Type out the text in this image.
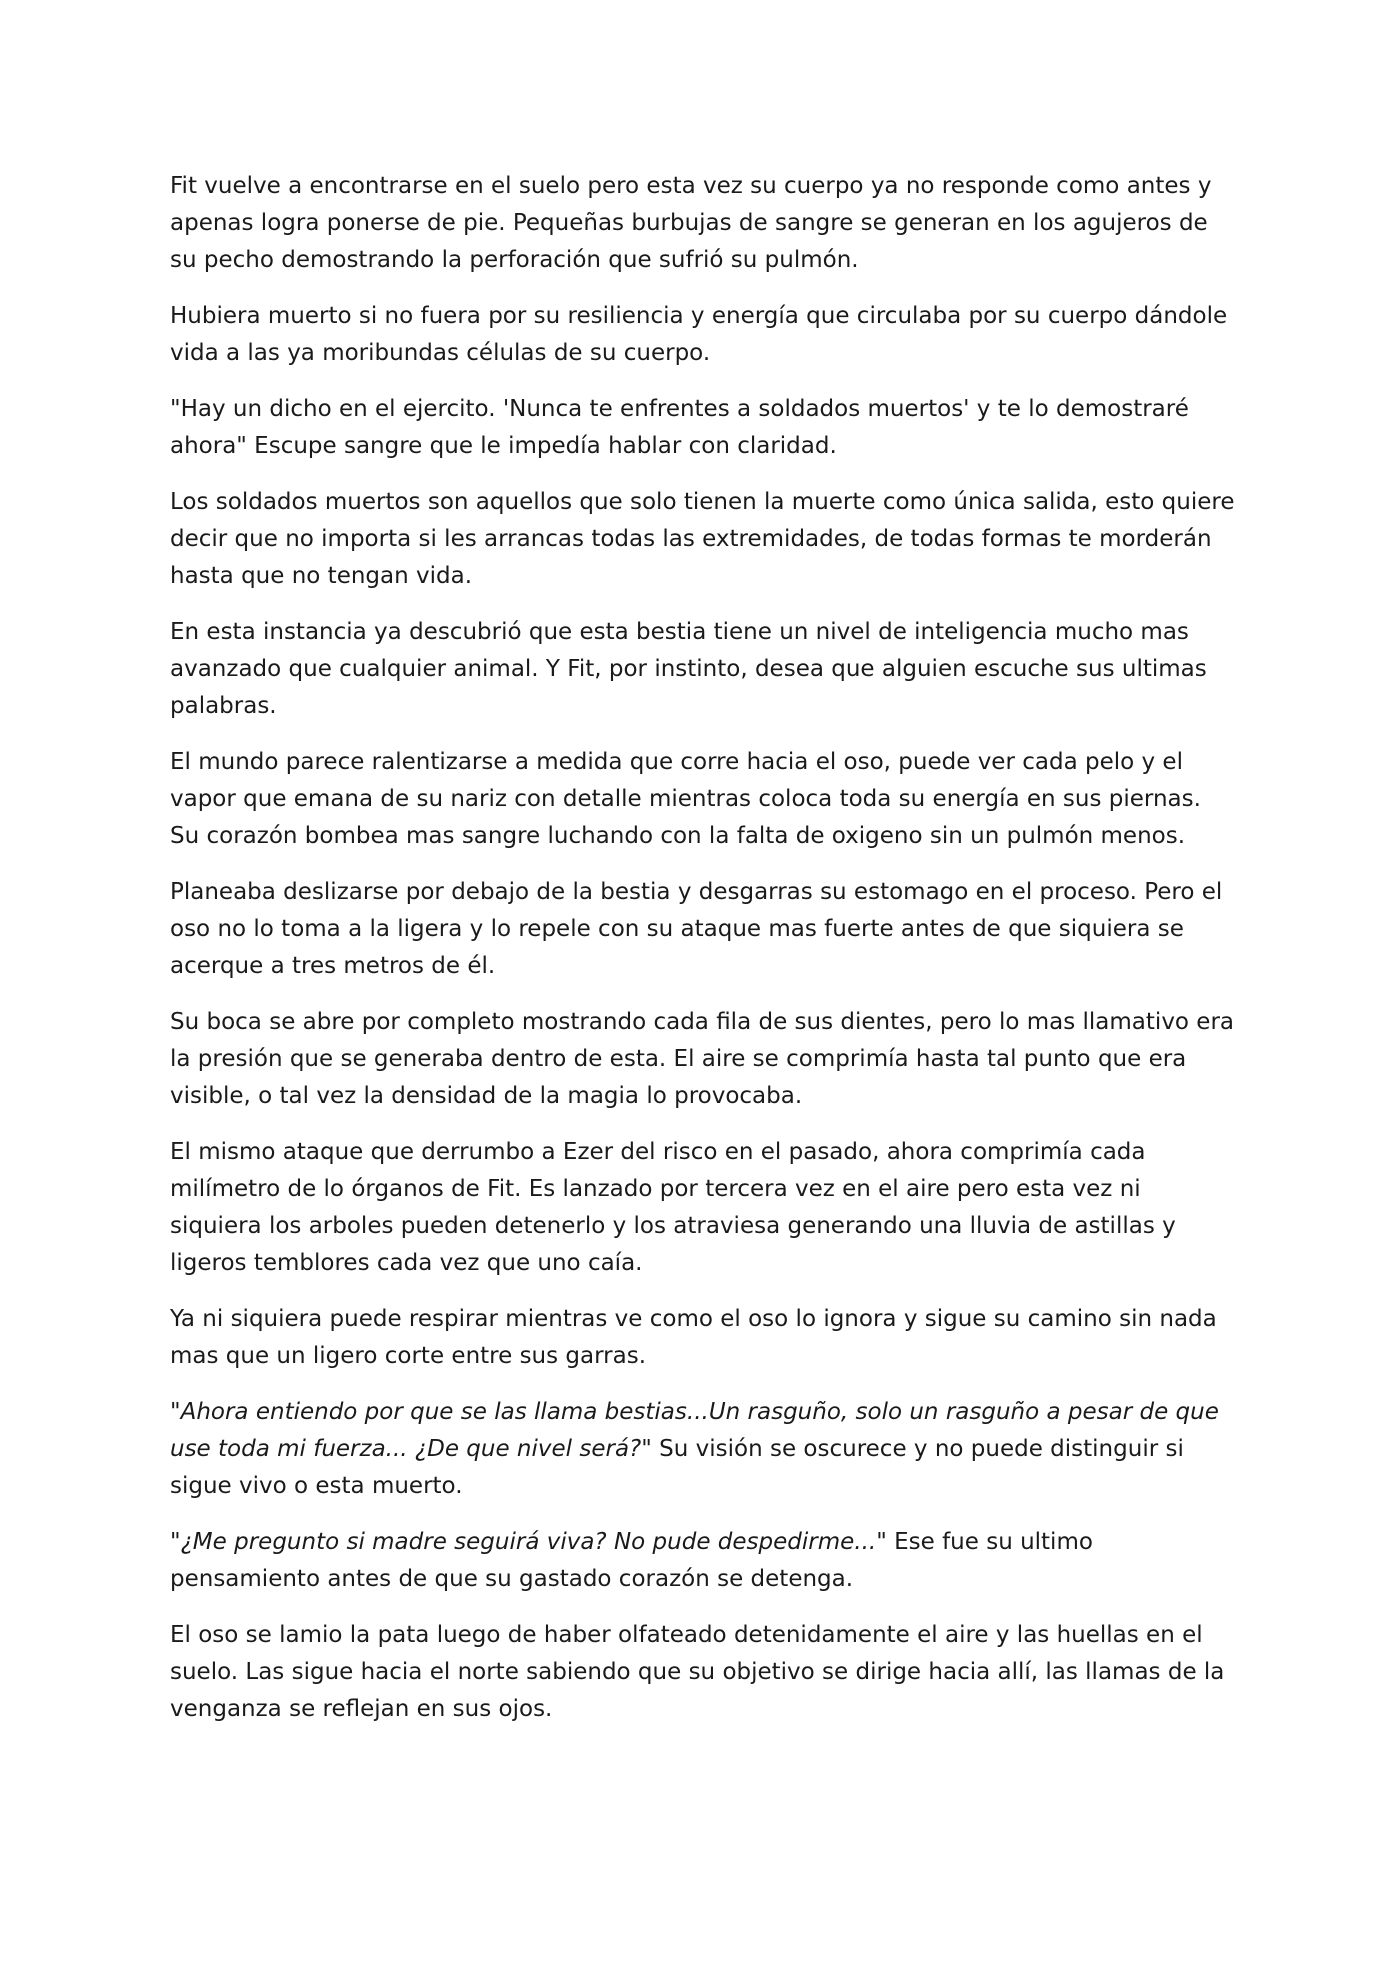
Fit vuelve a encontrarse en el suelo pero esta vez su cuerpo ya no responde como antes y apenas logra ponerse de pie. Pequeñas burbujas de sangre se generan en los agujeros de su pecho demostrando la perforación que sufrió su pulmón.

Hubiera muerto si no fuera por su resiliencia y energía que circulaba por su cuerpo dándole vida a las ya moribundas células de su cuerpo.

"Hay un dicho en el ejercito. 'Nunca te enfrentes a soldados muertos' y te lo demostraré ahora" Escupe sangre que le impedía hablar con claridad.

Los soldados muertos son aquellos que solo tienen la muerte como única salida, esto quiere decir que no importa si les arrancas todas las extremidades, de todas formas te morderán hasta que no tengan vida.

En esta instancia ya descubrió que esta bestia tiene un nivel de inteligencia mucho mas avanzado que cualquier animal. Y Fit, por instinto, desea que alguien escuche sus ultimas palabras.

El mundo parece ralentizarse a medida que corre hacia el oso, puede ver cada pelo y el vapor que emana de su nariz con detalle mientras coloca toda su energía en sus piernas. Su corazón bombea mas sangre luchando con la falta de oxigeno sin un pulmón menos.

Planeaba deslizarse por debajo de la bestia y desgarras su estomago en el proceso. Pero el oso no lo toma a la ligera y lo repele con su ataque mas fuerte antes de que siquiera se acerque a tres metros de él.

Su boca se abre por completo mostrando cada fila de sus dientes, pero lo mas llamativo era la presión que se generaba dentro de esta. El aire se comprimía hasta tal punto que era visible, o tal vez la densidad de la magia lo provocaba.

El mismo ataque que derrumbo a Ezer del risco en el pasado, ahora comprimía cada milímetro de lo órganos de Fit. Es lanzado por tercera vez en el aire pero esta vez ni siquiera los arboles pueden detenerlo y los atraviesa generando una lluvia de astillas y ligeros temblores cada vez que uno caía.

Ya ni siquiera puede respirar mientras ve como el oso lo ignora y sigue su camino sin nada mas que un ligero corte entre sus garras.

"Ahora entiendo por que se las llama bestias...Un rasguño, solo un rasguño a pesar de que use toda mi fuerza... ¿De que nivel será?" Su visión se oscurece y no puede distinguir si sigue vivo o esta muerto.

"¿Me pregunto si madre seguirá viva? No pude despedirme..." Ese fue su ultimo pensamiento antes de que su gastado corazón se detenga.

El oso se lamio la pata luego de haber olfateado detenidamente el aire y las huellas en el suelo. Las sigue hacia el norte sabiendo que su objetivo se dirige hacia allí, las llamas de la venganza se reflejan en sus ojos.
